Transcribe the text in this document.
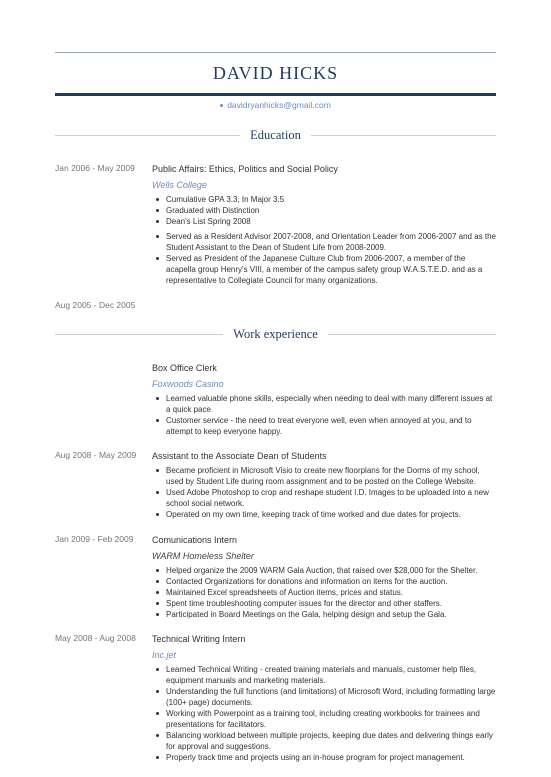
DAVID HICKS
davidryanhicks@gmail.com
Education
Jan 2006 - May 2009 Public Affairs: Ethics, Politics and Social Policy
Wells College
Cumulative GPA 3.3, In Major 3.5
Graduated with Distinction
Dean's List Spring 2008
Served as a Resident Advisor 2007-2008, and Orientation Leader from 2006-2007 and as the Student Assistant to the Dean of Student Life from 2008-2009.
Served as President of the Japanese Culture Club from 2006-2007, a member of the acapella group Henry's VIII, a member of the campus safety group W.A.S.T.E.D. and as a representative to Collegiate Council for many organizations.
Aug 2005 - Dec 2005
Work experience
Box Office Clerk
Foxwoods Casino
Learned valuable phone skills, especially when needing to deal with many different issues at a quick pace.
Customer service - the need to treat everyone well, even when annoyed at you, and to attempt to keep everyone happy.
Aug 2008 - May 2009 Assistant to the Associate Dean of Students
Became proficient in Microsoft Visio to create new floorplans for the Dorms of my school, used by Student Life during room assignment and to be posted on the College Website.
Used Adobe Photoshop to crop and reshape student I.D. Images to be uploaded into a new school social network.
Operated on my own time, keeping track of time worked and due dates for projects.
Jan 2009 - Feb 2009 Comunications Intern
WARM Homeless Shelter
Helped organize the 2009 WARM Gala Auction, that raised over $28,000 for the Shelter.
Contacted Organizations for donations and information on items for the auction.
Maintained Excel spreadsheets of Auction items, prices and status.
Spent time troubleshooting computer issues for the director and other staffers.
Participated in Board Meetings on the Gala, helping design and setup the Gala.
May 2008 - Aug 2008 Technical Writing Intern
Inc.jet
Learned Technical Writing - created training materials and manuals, customer help files, equipment manuals and marketing materials.
Understanding the full functions (and limitations) of Microsoft Word, including formatting large (100+ page) documents.
Working with Powerpoint as a training tool, including creating workbooks for trainees and presentations for facilitators.
Balancing workload between multiple projects, keeping due dates and delivering things early for approval and suggestions.
Properly track time and projects using an in-house program for project management.
